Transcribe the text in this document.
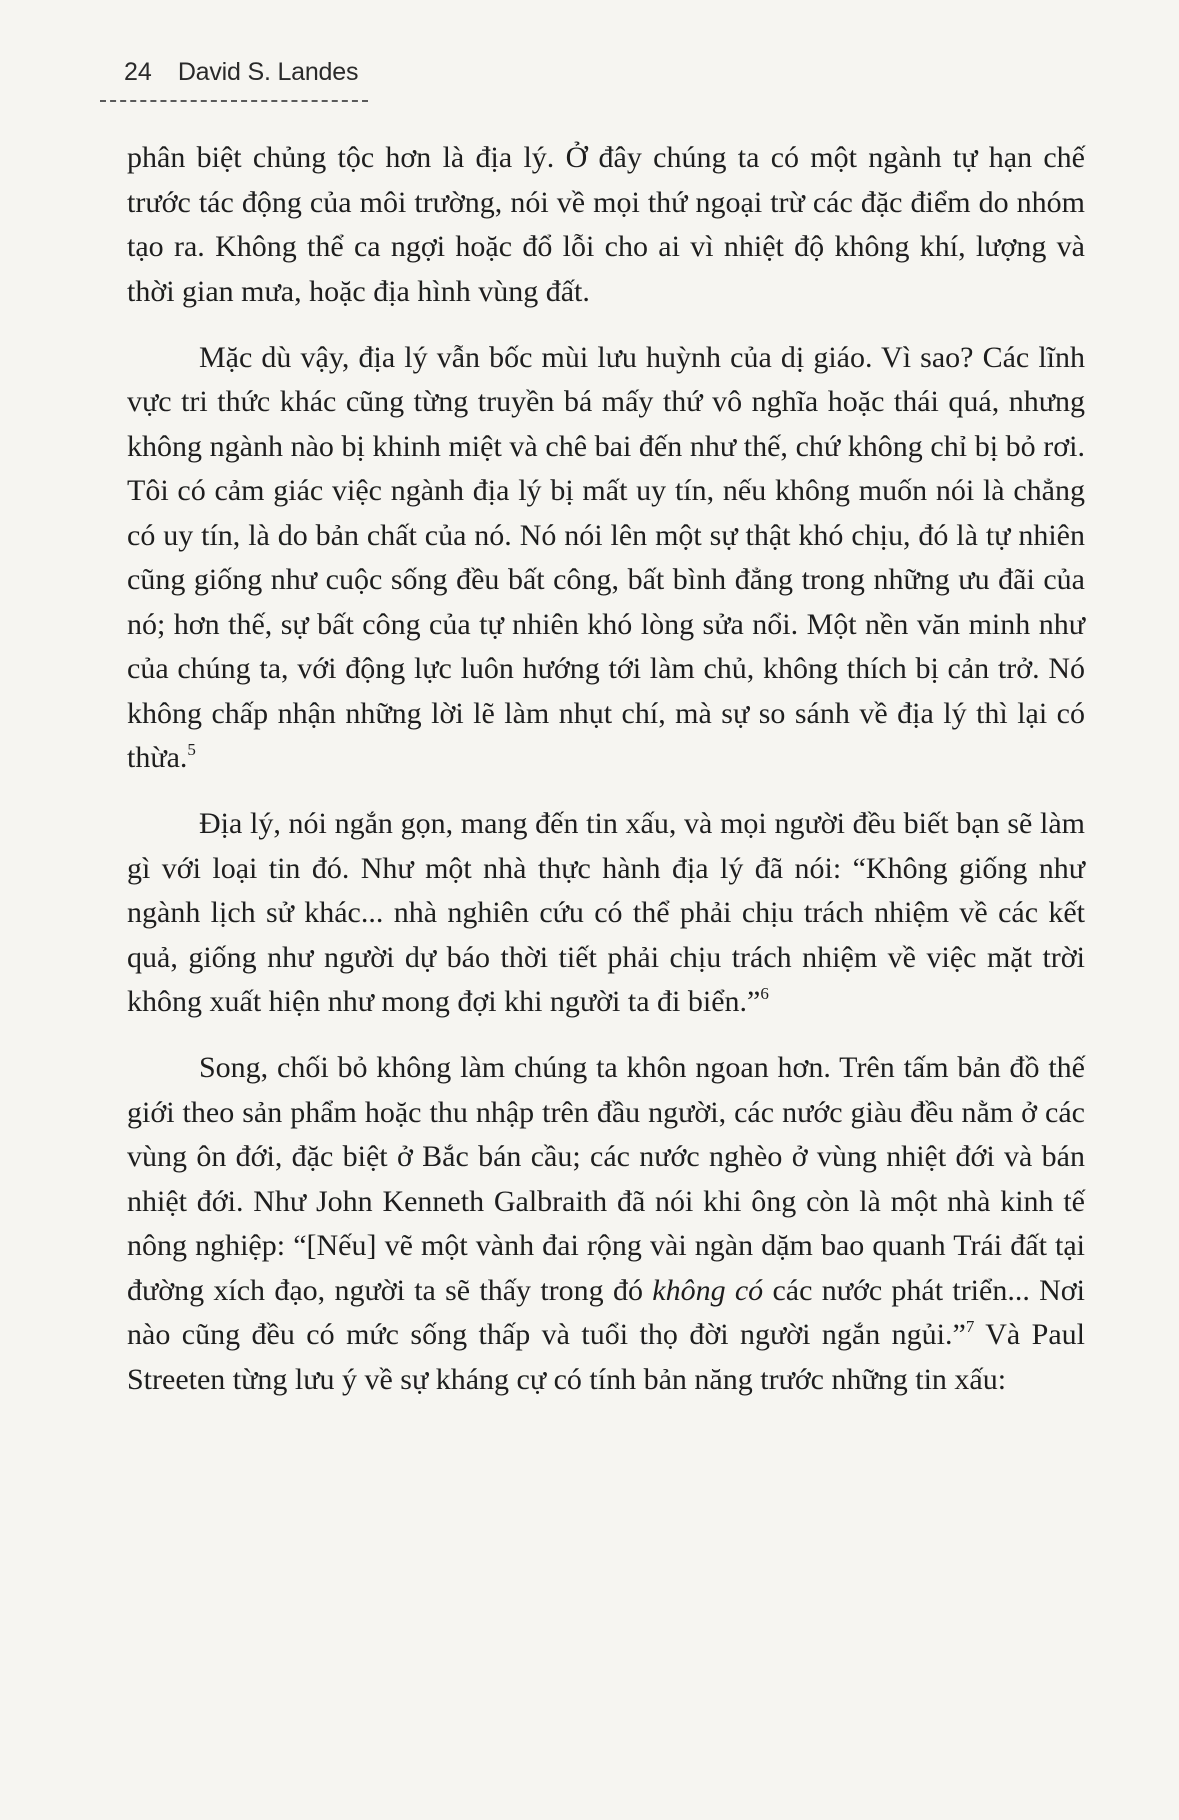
24 David S. Landes

phân biệt chủng tộc hơn là địa lý. Ở đây chúng ta có một ngành tự hạn chế trước tác động của môi trường, nói về mọi thứ ngoại trừ các đặc điểm do nhóm tạo ra. Không thể ca ngợi hoặc đổ lỗi cho ai vì nhiệt độ không khí, lượng và thời gian mưa, hoặc địa hình vùng đất.

Mặc dù vậy, địa lý vẫn bốc mùi lưu huỳnh của dị giáo. Vì sao? Các lĩnh vực tri thức khác cũng từng truyền bá mấy thứ vô nghĩa hoặc thái quá, nhưng không ngành nào bị khinh miệt và chê bai đến như thế, chứ không chỉ bị bỏ rơi. Tôi có cảm giác việc ngành địa lý bị mất uy tín, nếu không muốn nói là chẳng có uy tín, là do bản chất của nó. Nó nói lên một sự thật khó chịu, đó là tự nhiên cũng giống như cuộc sống đều bất công, bất bình đẳng trong những ưu đãi của nó; hơn thế, sự bất công của tự nhiên khó lòng sửa nổi. Một nền văn minh như của chúng ta, với động lực luôn hướng tới làm chủ, không thích bị cản trở. Nó không chấp nhận những lời lẽ làm nhụt chí, mà sự so sánh về địa lý thì lại có thừa.$^5$

Địa lý, nói ngắn gọn, mang đến tin xấu, và mọi người đều biết bạn sẽ làm gì với loại tin đó. Như một nhà thực hành địa lý đã nói: “Không giống như ngành lịch sử khác... nhà nghiên cứu có thể phải chịu trách nhiệm về các kết quả, giống như người dự báo thời tiết phải chịu trách nhiệm về việc mặt trời không xuất hiện như mong đợi khi người ta đi biển.”$^6$

Song, chối bỏ không làm chúng ta khôn ngoan hơn. Trên tấm bản đồ thế giới theo sản phẩm hoặc thu nhập trên đầu người, các nước giàu đều nằm ở các vùng ôn đới, đặc biệt ở Bắc bán cầu; các nước nghèo ở vùng nhiệt đới và bán nhiệt đới. Như John Kenneth Galbraith đã nói khi ông còn là một nhà kinh tế nông nghiệp: “[Nếu] vẽ một vành đai rộng vài ngàn dặm bao quanh Trái đất tại đường xích đạo, người ta sẽ thấy trong đó không có các nước phát triển... Nơi nào cũng đều có mức sống thấp và tuổi thọ đời người ngắn ngủi.”$^7$ Và Paul Streeten từng lưu ý về sự kháng cự có tính bản năng trước những tin xấu:
